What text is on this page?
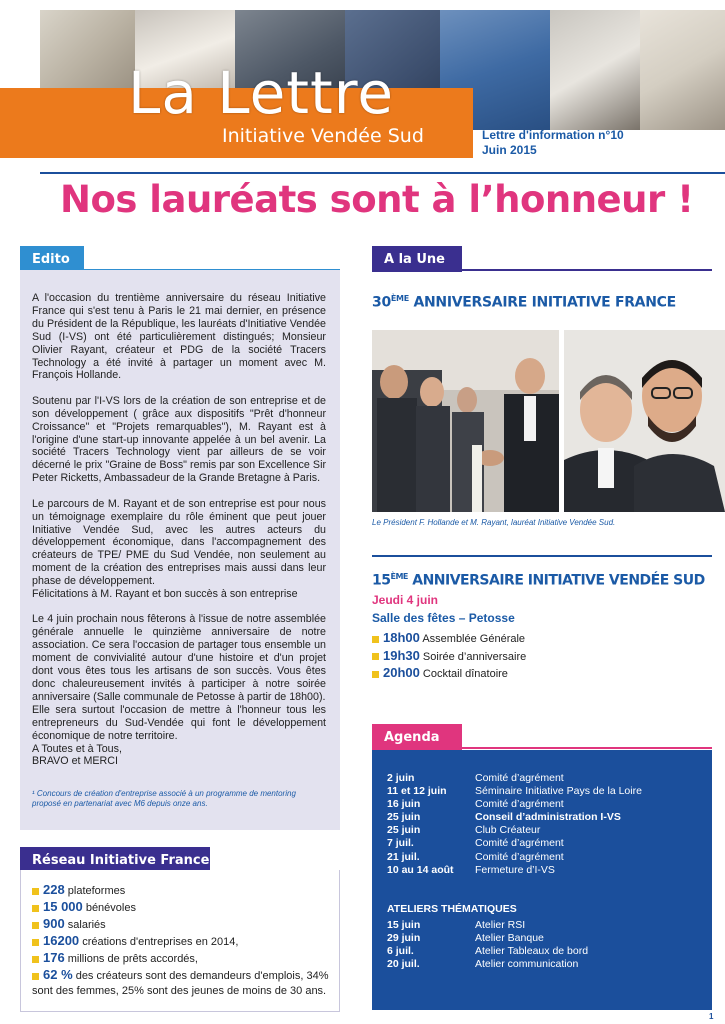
La Lettre
Initiative Vendée Sud	Lettre d'information n°10
Juin 2015
Nos lauréats sont à l’honneur !
Edito

A l'occasion du trentième anniversaire du réseau Initiative France qui s'est tenu à Paris le 21 mai dernier, en présence du Président de la République, les lauréats d'Initiative Vendée Sud (I-VS) ont été particulièrement distingués; Monsieur Olivier Rayant, créateur et PDG de la société Tracers Technology a été invité à partager un moment avec M. François Hollande.

Soutenu par l'I-VS lors de la création de son entreprise et de son développement ( grâce aux dispositifs "Prêt d'honneur Croissance" et "Projets remarquables"), M. Rayant est à l'origine d'une start-up innovante appelée à un bel avenir. La société Tracers Technology vient par ailleurs de se voir décerné le prix "Graine de Boss" remis par son Excellence Sir Peter Ricketts, Ambassadeur de la Grande Bretagne à Paris.

Le parcours de M. Rayant et de son entreprise est pour nous un témoignage exemplaire du rôle éminent que peut jouer Initiative Vendée Sud, avec les autres acteurs du développement économique, dans l'accompagnement des créateurs de TPE/ PME du Sud Vendée, non seulement au moment de la création des entreprises mais aussi dans leur phase de développement.

Félicitations à M. Rayant et bon succès à son entreprise

Le 4 juin prochain nous fêterons à l'issue de notre assemblée générale annuelle le quinzième anniversaire de notre association. Ce sera l'occasion de partager tous ensemble un moment de convivialité autour d'une histoire et d'un projet dont vous êtes tous les artisans de son succès. Vous êtes donc chaleureusement invités à participer à notre soirée anniversaire (Salle communale de Petosse à partir de 18h00).

Elle sera surtout l'occasion de mettre à l'honneur tous les entrepreneurs du Sud-Vendée qui font le développement économique de notre territoire.

A Toutes et à Tous,

BRAVO et MERCI

¹ Concours de création d'entreprise associé à un programme de mentoring proposé en partenariat avec M6 depuis onze ans.
Réseau Initiative France
228 plateformes
15 000 bénévoles
900 salariés
16200 créations d'entreprises en 2014,
176 millions de prêts accordés,
62 % des créateurs sont des demandeurs d'emplois, 34% sont des femmes, 25% sont des jeunes de moins de 30 ans.
A la Une
30ÈME ANNIVERSAIRE INITIATIVE FRANCE
Le Président F. Hollande et M. Rayant, lauréat Initiative Vendée Sud.
15ÈME ANNIVERSAIRE INITIATIVE VENDÉE SUD
Jeudi 4 juin
Salle des fêtes – Petosse
18h00 Assemblée Générale
19h30 Soirée d’anniversaire
20h00 Cocktail dînatoire
Agenda
2 juin	Comité d’agrément
11 et 12 juin	Séminaire Initiative Pays de la Loire
16 juin	Comité d’agrément
25 juin	Conseil d’administration I-VS
25 juin	Club Créateur
7 juil.	Comité d’agrément
21 juil.	Comité d’agrément
10 au 14 août	Fermeture d’I-VS
ATELIERS THÉMATIQUES
15 juin	Atelier RSI
29 juin	Atelier Banque
6 juil.	Atelier Tableaux de bord
20 juil.	Atelier communication
1
